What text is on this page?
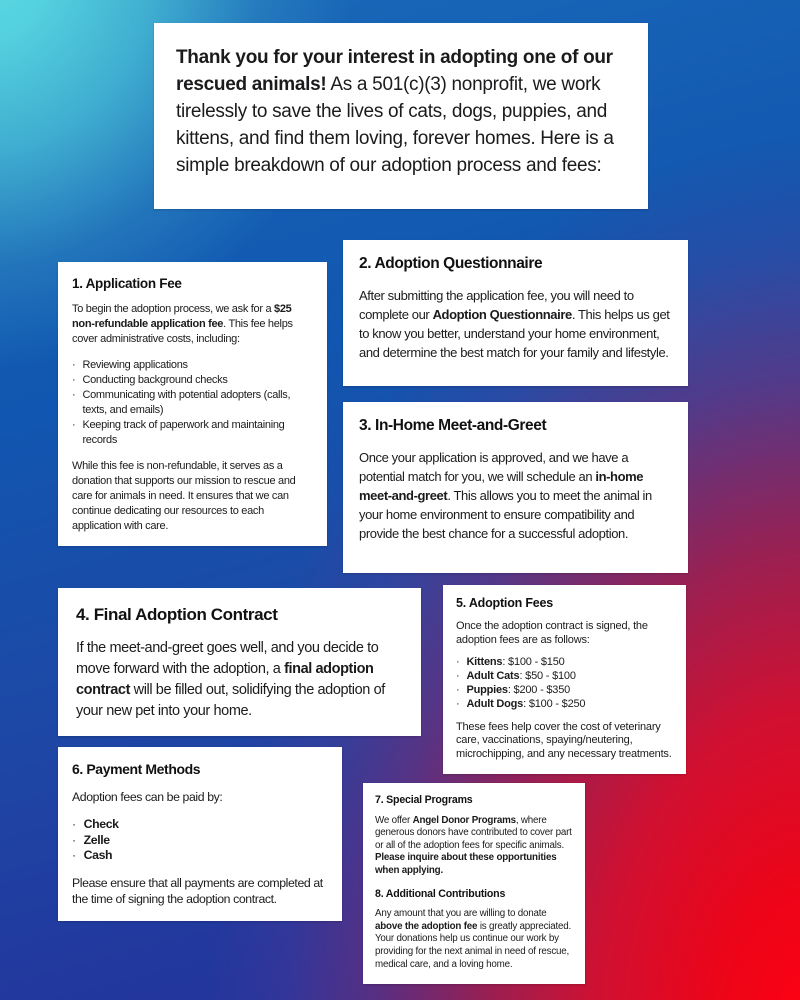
Thank you for your interest in adopting one of our rescued animals! As a 501(c)(3) nonprofit, we work tirelessly to save the lives of cats, dogs, puppies, and kittens, and find them loving, forever homes. Here is a simple breakdown of our adoption process and fees:

1. Application Fee

To begin the adoption process, we ask for a $25 non-refundable application fee. This fee helps cover administrative costs, including:

· Reviewing applications
· Conducting background checks
· Communicating with potential adopters (calls, texts, and emails)
· Keeping track of paperwork and maintaining records

While this fee is non-refundable, it serves as a donation that supports our mission to rescue and care for animals in need. It ensures that we can continue dedicating our resources to each application with care.

2. Adoption Questionnaire

After submitting the application fee, you will need to complete our Adoption Questionnaire. This helps us get to know you better, understand your home environment, and determine the best match for your family and lifestyle.

3. In-Home Meet-and-Greet

Once your application is approved, and we have a potential match for you, we will schedule an in-home meet-and-greet. This allows you to meet the animal in your home environment to ensure compatibility and provide the best chance for a successful adoption.

4. Final Adoption Contract

If the meet-and-greet goes well, and you decide to move forward with the adoption, a final adoption contract will be filled out, solidifying the adoption of your new pet into your home.

5. Adoption Fees

Once the adoption contract is signed, the adoption fees are as follows:

· Kittens: $100 - $150
· Adult Cats: $50 - $100
· Puppies: $200 - $350
· Adult Dogs: $100 - $250

These fees help cover the cost of veterinary care, vaccinations, spaying/neutering, microchipping, and any necessary treatments.

6. Payment Methods

Adoption fees can be paid by:

· Check
· Zelle
· Cash

Please ensure that all payments are completed at the time of signing the adoption contract.

7. Special Programs

We offer Angel Donor Programs, where generous donors have contributed to cover part or all of the adoption fees for specific animals. Please inquire about these opportunities when applying.

8. Additional Contributions

Any amount that you are willing to donate above the adoption fee is greatly appreciated. Your donations help us continue our work by providing for the next animal in need of rescue, medical care, and a loving home.
